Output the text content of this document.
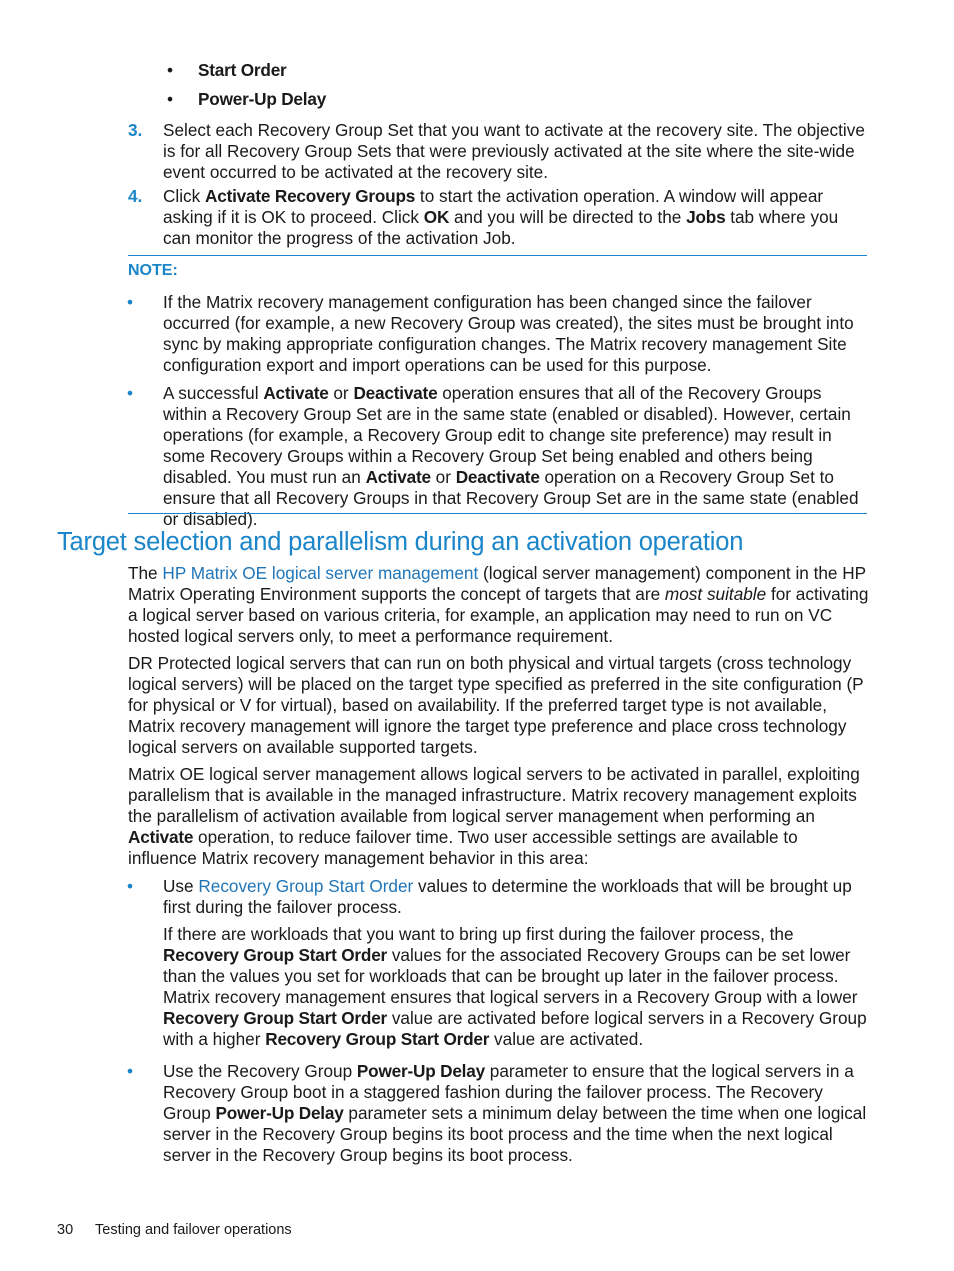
• Start Order
• Power-Up Delay
3. Select each Recovery Group Set that you want to activate at the recovery site. The objective is for all Recovery Group Sets that were previously activated at the site where the site-wide event occurred to be activated at the recovery site.
4. Click Activate Recovery Groups to start the activation operation. A window will appear asking if it is OK to proceed. Click OK and you will be directed to the Jobs tab where you can monitor the progress of the activation Job.
NOTE:
• If the Matrix recovery management configuration has been changed since the failover occurred (for example, a new Recovery Group was created), the sites must be brought into sync by making appropriate configuration changes. The Matrix recovery management Site configuration export and import operations can be used for this purpose.
• A successful Activate or Deactivate operation ensures that all of the Recovery Groups within a Recovery Group Set are in the same state (enabled or disabled). However, certain operations (for example, a Recovery Group edit to change site preference) may result in some Recovery Groups within a Recovery Group Set being enabled and others being disabled. You must run an Activate or Deactivate operation on a Recovery Group Set to ensure that all Recovery Groups in that Recovery Group Set are in the same state (enabled or disabled).
Target selection and parallelism during an activation operation
The HP Matrix OE logical server management (logical server management) component in the HP Matrix Operating Environment supports the concept of targets that are most suitable for activating a logical server based on various criteria, for example, an application may need to run on VC hosted logical servers only, to meet a performance requirement.
DR Protected logical servers that can run on both physical and virtual targets (cross technology logical servers) will be placed on the target type specified as preferred in the site configuration (P for physical or V for virtual), based on availability. If the preferred target type is not available, Matrix recovery management will ignore the target type preference and place cross technology logical servers on available supported targets.
Matrix OE logical server management allows logical servers to be activated in parallel, exploiting parallelism that is available in the managed infrastructure. Matrix recovery management exploits the parallelism of activation available from logical server management when performing an Activate operation, to reduce failover time. Two user accessible settings are available to influence Matrix recovery management behavior in this area:
• Use Recovery Group Start Order values to determine the workloads that will be brought up first during the failover process.
If there are workloads that you want to bring up first during the failover process, the Recovery Group Start Order values for the associated Recovery Groups can be set lower than the values you set for workloads that can be brought up later in the failover process. Matrix recovery management ensures that logical servers in a Recovery Group with a lower Recovery Group Start Order value are activated before logical servers in a Recovery Group with a higher Recovery Group Start Order value are activated.
• Use the Recovery Group Power-Up Delay parameter to ensure that the logical servers in a Recovery Group boot in a staggered fashion during the failover process. The Recovery Group Power-Up Delay parameter sets a minimum delay between the time when one logical server in the Recovery Group begins its boot process and the time when the next logical server in the Recovery Group begins its boot process.
30 Testing and failover operations
